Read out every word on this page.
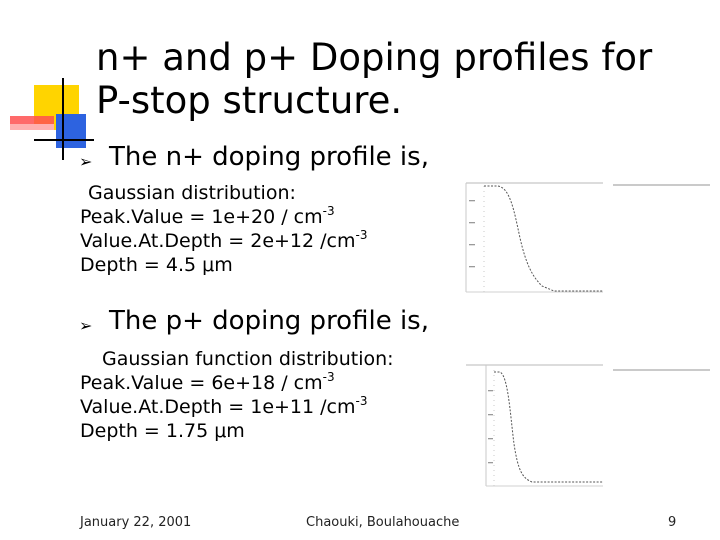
n+ and p+ Doping profiles for
P-stop structure.
➢ The n+ doping profile is,
Gaussian distribution:
Peak.Value = $1e+20 / cm^{-3}$
Value.At.Depth = 2e+12 $/cm^{-3}$
Depth = 4.5 μm
➢ The p+ doping profile is,
Gaussian function distribution:
Peak.Value = $6e+18 / cm^{-3}$
Value.At.Depth = 1e+11 $/cm^{-3}$
Depth = 1.75 μm
January 22, 2001	Chaouki, Boulahouache	9
